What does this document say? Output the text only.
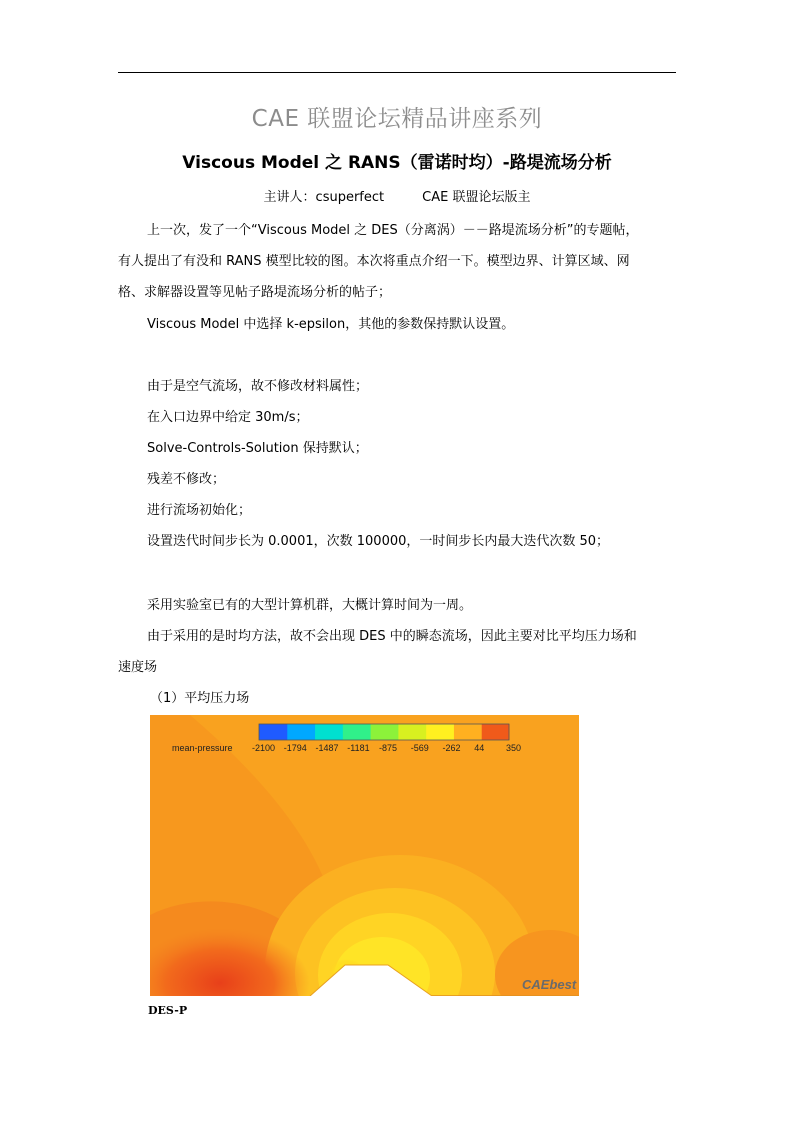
CAE 联盟论坛精品讲座系列
Viscous Model 之 RANS（雷诺时均）-路堤流场分析
主讲人：csuperfect	CAE 联盟论坛版主
上一次，发了一个“Viscous Model 之 DES（分离涡）－－路堤流场分析”的专题帖，
有人提出了有没和 RANS 模型比较的图。本次将重点介绍一下。模型边界、计算区域、网
格、求解器设置等见帖子路堤流场分析的帖子；
Viscous Model 中选择 k-epsilon，其他的参数保持默认设置。
由于是空气流场，故不修改材料属性；
在入口边界中给定 30m/s；
Solve-Controls-Solution 保持默认；
残差不修改；
进行流场初始化；
设置迭代时间步长为 0.0001，次数 100000，一时间步长内最大迭代次数 50；
采用实验室已有的大型计算机群，大概计算时间为一周。
由于采用的是时均方法，故不会出现 DES 中的瞬态流场，因此主要对比平均压力场和
速度场
（1）平均压力场
mean-pressure -2100 -1794 -1487 -1181 -875 -569 -262 44 350
CAEbest
DES-P
